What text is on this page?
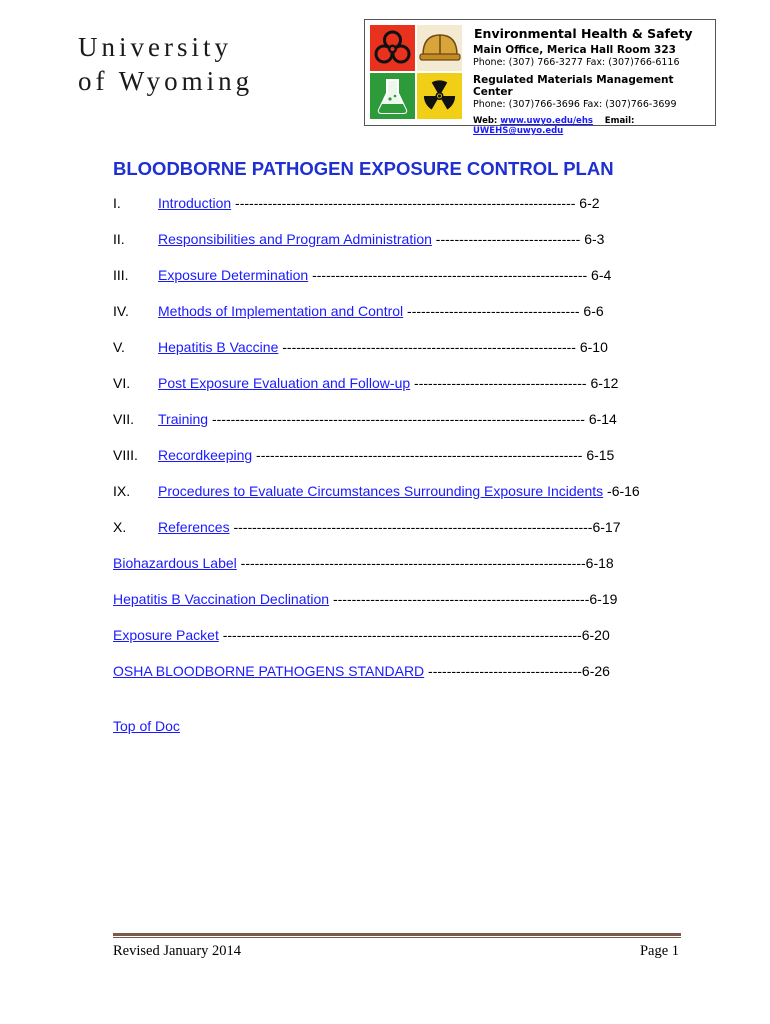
University
of Wyoming

Environmental Health & Safety

Main Office, Merica Hall Room 323

Phone: (307) 766-3277 Fax: (307)766-6116

Regulated Materials Management Center

Phone: (307)766-3696 Fax: (307)766-3699

Web: www.uwyo.edu/ehs Email: UWEHS@uwyo.edu

BLOODBORNE PATHOGEN EXPOSURE CONTROL PLAN
I.	Introduction ------------------------------------------------------------------------- 6-2
II. Responsibilities and Program Administration ------------------------------- 6-3
III. Exposure Determination ----------------------------------------------------------- 6-4
IV. Methods of Implementation and Control ------------------------------------- 6-6
V. Hepatitis B Vaccine --------------------------------------------------------------- 6-10
VI. Post Exposure Evaluation and Follow-up ------------------------------------- 6-12
VII. Training -------------------------------------------------------------------------------- 6-14
VIII. Recordkeeping ---------------------------------------------------------------------- 6-15
IX. Procedures to Evaluate Circumstances Surrounding Exposure Incidents -6-16
X. References -----------------------------------------------------------------------------6-17
Biohazardous Label --------------------------------------------------------------------------6-18
Hepatitis B Vaccination Declination -------------------------------------------------------6-19
Exposure Packet -----------------------------------------------------------------------------6-20
OSHA BLOODBORNE PATHOGENS STANDARD ---------------------------------6-26
Top of Doc
Revised January 2014	Page 1
